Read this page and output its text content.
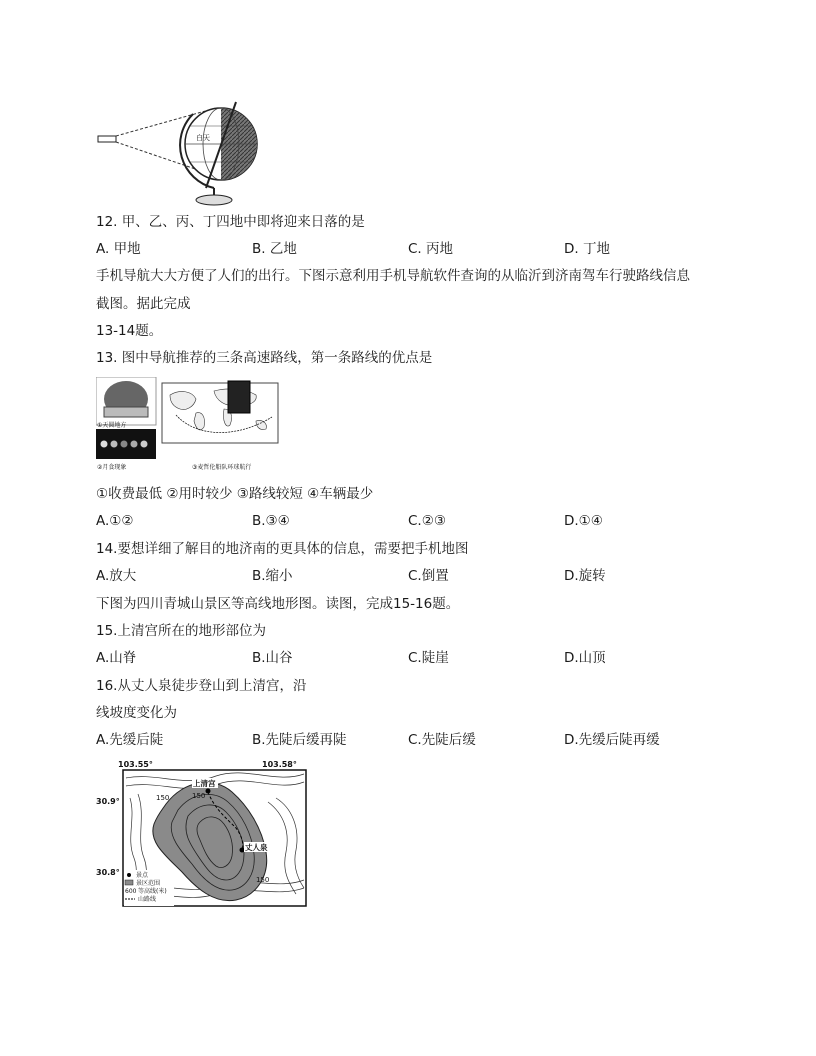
白天
12. 甲、乙、丙、丁四地中即将迎来日落的是
A. 甲地	B. 乙地	C. 丙地	D. 丁地
手机导航大大方便了人们的出行。下图示意利用手机导航软件查询的从临沂到济南驾车行驶路线信息
截图。据此完成
13-14题。
13. 图中导航推荐的三条高速路线，第一条路线的优点是
①天圆地方
②月食现象	③麦哲伦船队环球航行
①收费最低 ②用时较少 ③路线较短 ④车辆最少
A.①②	B.③④	C.②③	D.①④
14.要想详细了解目的地济南的更具体的信息，需要把手机地图
A.放大	B.缩小	C.倒置	D.旋转
下图为四川青城山景区等高线地形图。读图，完成15-16题。
15.上清宫所在的地形部位为
A.山脊	B.山谷	C.陡崖	D.山顶
16.从丈人泉徒步登山到上清宫，沿
线坡度变化为
A.先缓后陡	B.先陡后缓再陡	C.先陡后缓	D.先缓后陡再缓
103.55°	103.58°
30.9°
30.8°
上清宫
丈人泉
150	150
150
景点
景区范围
600 等高线(米)
山路线
